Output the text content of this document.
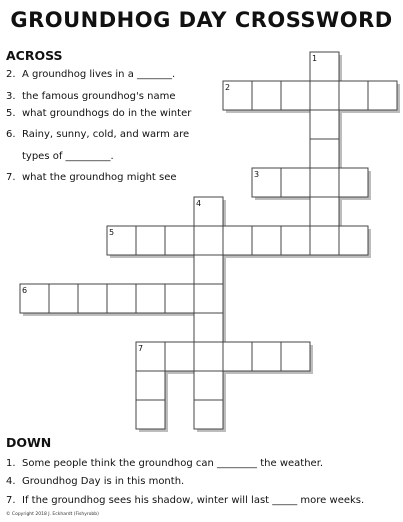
GROUNDHOG DAY CROSSWORD
ACROSS
2. A groundhog lives in a _______.
3. the famous groundhog's name
5. what groundhogs do in the winter
6. Rainy, sunny, cold, and warm are
types of _________.
7. what the groundhog might see
1
2
3
4
5
6
7
DOWN
1. Some people think the groundhog can ________ the weather.
4. Groundhog Day is in this month.
7. If the groundhog sees his shadow, winter will last _____ more weeks.
© Copyright 2018 J. Eckhardt (Fishyrobb)
